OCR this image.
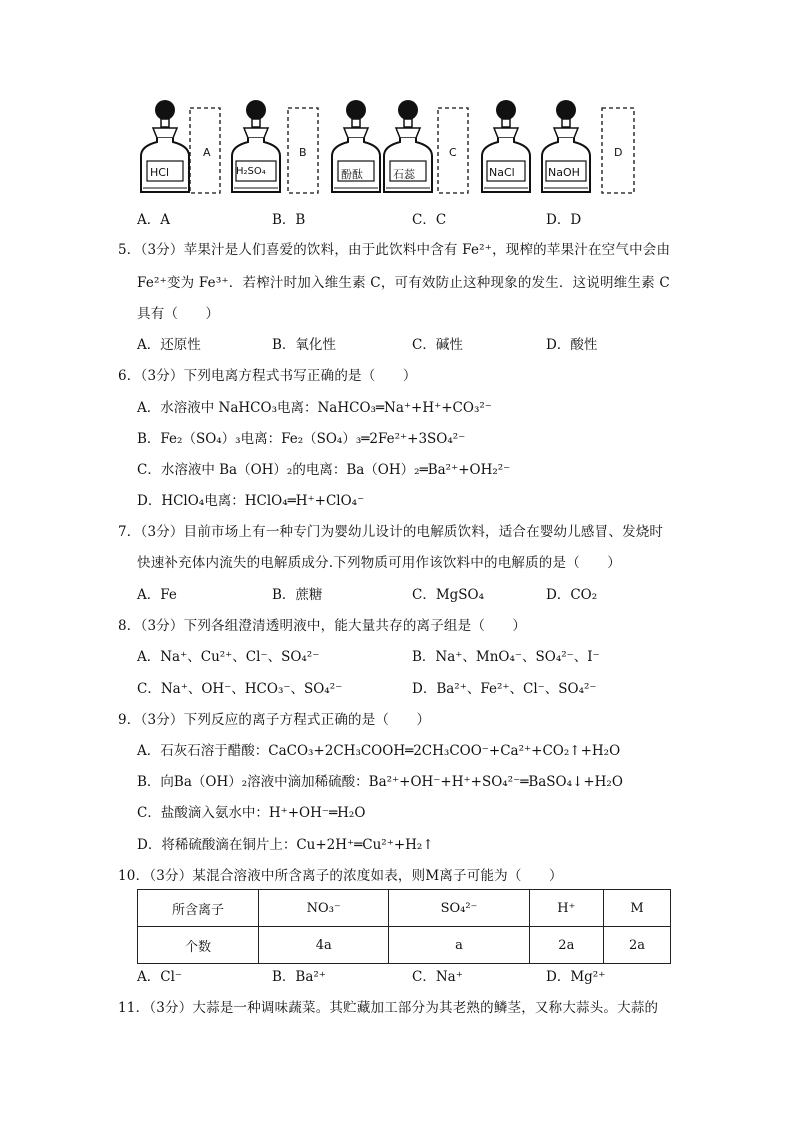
HCl	H₂SO₄	酚酞	石蕊	NaCl	NaOH
A	B	C	D
A．A	B．B	C．C	D．D
5．（3分）苹果汁是人们喜爱的饮料，由于此饮料中含有 Fe²⁺，现榨的苹果汁在空气中会由
Fe²⁺变为 Fe³⁺．若榨汁时加入维生素 C，可有效防止这种现象的发生．这说明维生素 C
具有（　　）
A．还原性	B．氧化性	C．碱性	D．酸性
6．（3分）下列电离方程式书写正确的是（　　）
A．水溶液中 NaHCO₃电离：NaHCO₃═Na⁺+H⁺+CO₃²⁻
B．Fe₂（SO₄）₃电离：Fe₂（SO₄）₃═2Fe²⁺+3SO₄²⁻
C．水溶液中 Ba（OH）₂的电离：Ba（OH）₂═Ba²⁺+OH₂²⁻
D．HClO₄电离：HClO₄═H⁺+ClO₄⁻
7．（3分）目前市场上有一种专门为婴幼儿设计的电解质饮料，适合在婴幼儿感冒、发烧时
快速补充体内流失的电解质成分.下列物质可用作该饮料中的电解质的是（　　）
A．Fe	B．蔗糖	C．MgSO₄	D．CO₂
8．（3分）下列各组澄清透明液中，能大量共存的离子组是（　　）
A．Na⁺、Cu²⁺、Cl⁻、SO₄²⁻	B．Na⁺、MnO₄⁻、SO₄²⁻、I⁻
C．Na⁺、OH⁻、HCO₃⁻、SO₄²⁻	D．Ba²⁺、Fe²⁺、Cl⁻、SO₄²⁻
9．（3分）下列反应的离子方程式正确的是（　　）
A．石灰石溶于醋酸：CaCO₃+2CH₃COOH═2CH₃COO⁻+Ca²⁺+CO₂↑+H₂O
B．向Ba（OH）₂溶液中滴加稀硫酸：Ba²⁺+OH⁻+H⁺+SO₄²⁻═BaSO₄↓+H₂O
C．盐酸滴入氨水中：H⁺+OH⁻═H₂O
D．将稀硫酸滴在铜片上：Cu+2H⁺═Cu²⁺+H₂↑
10．（3分）某混合溶液中所含离子的浓度如表，则M离子可能为（　　）
所含离子	NO₃⁻	SO₄²⁻	H⁺	M
个数	4a	a	2a	2a
A．Cl⁻	B．Ba²⁺	C．Na⁺	D．Mg²⁺
11．（3分）大蒜是一种调味蔬菜。其贮藏加工部分为其老熟的鳞茎，又称大蒜头。大蒜的
